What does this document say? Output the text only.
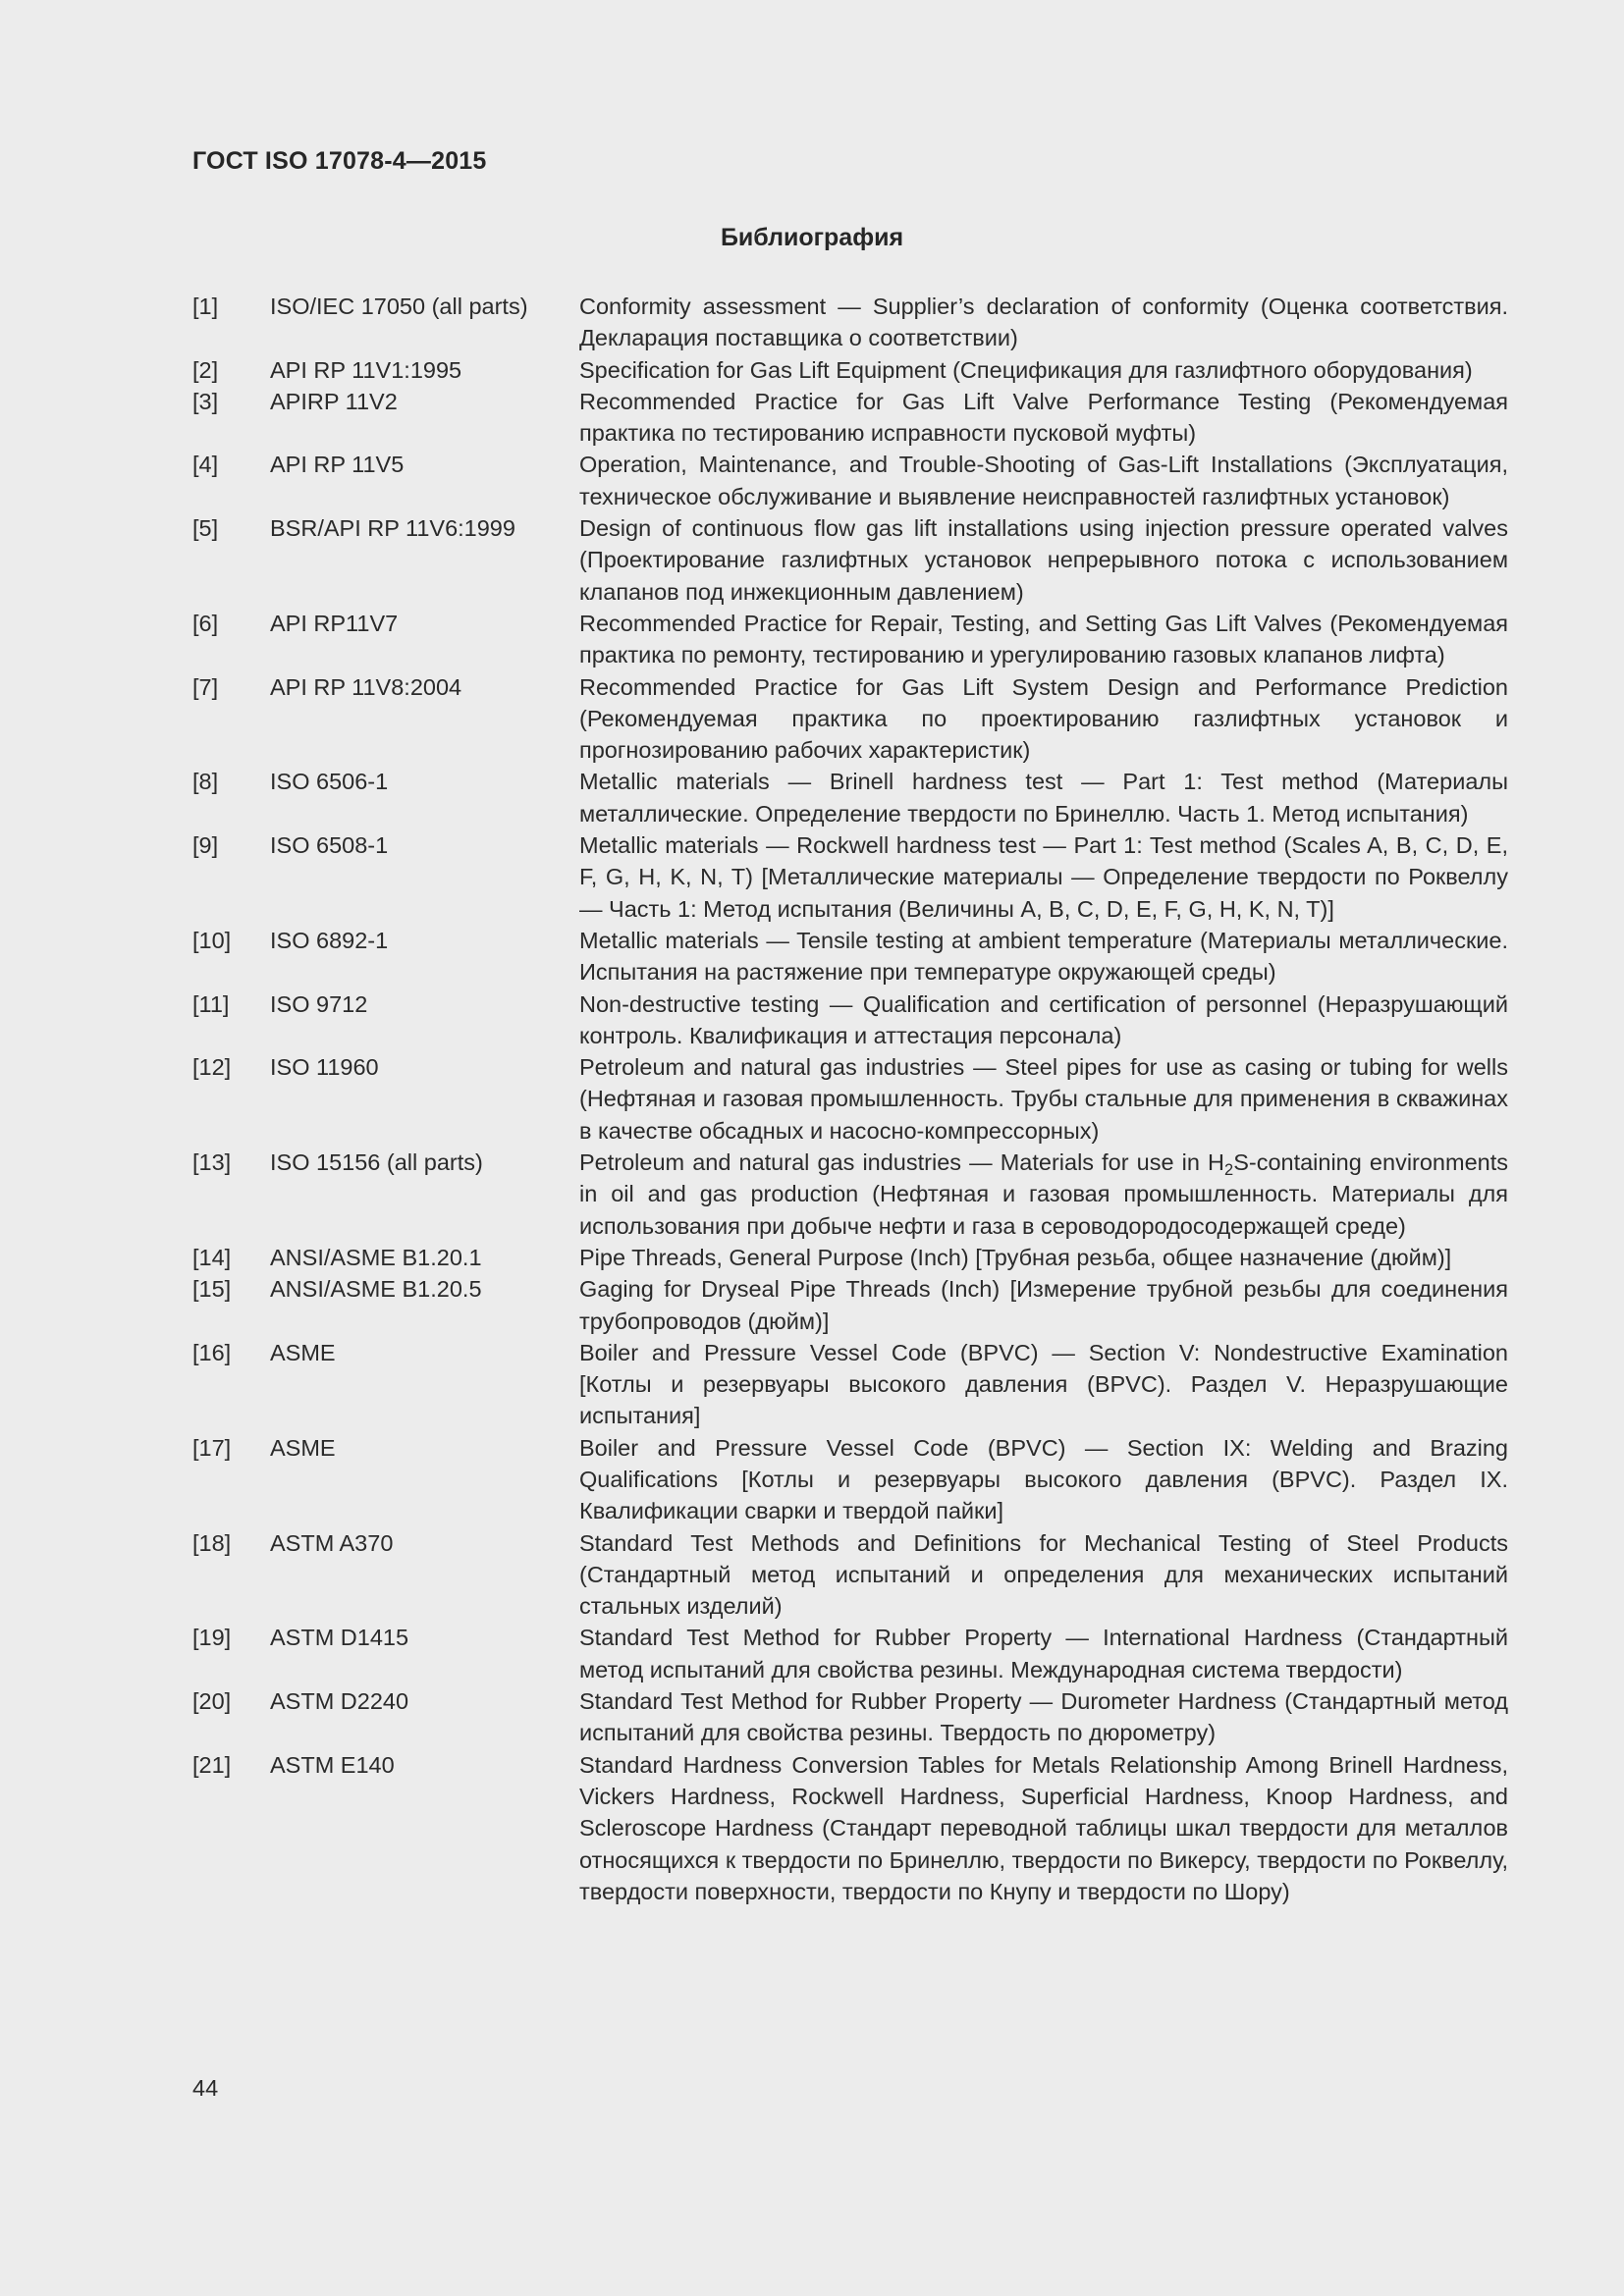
ГОСТ ISO 17078-4—2015
Библиография
[1]	ISO/IEC 17050 (all parts)	Conformity assessment — Supplier’s declaration of conformity (Оценка соответствия. Декларация поставщика о соответствии)
[2]	API RP 11V1:1995	Specification for Gas Lift Equipment (Спецификация для газлифтного оборудования)
[3]	APIRP 11V2	Recommended Practice for Gas Lift Valve Performance Testing (Рекомендуемая практика по тестированию исправности пусковой муфты)
[4]	API RP 11V5	Operation, Maintenance, and Trouble-Shooting of Gas-Lift Installations (Эксплуатация, техническое обслуживание и выявление неисправностей газлифтных установок)
[5]	BSR/API RP 11V6:1999	Design of continuous flow gas lift installations using injection pressure operated valves (Проектирование газлифтных установок непрерывного потока с использованием клапанов под инжекционным давлением)
[6]	API RP11V7	Recommended Practice for Repair, Testing, and Setting Gas Lift Valves (Рекомендуемая практика по ремонту, тестированию и урегулированию газовых клапанов лифта)
[7]	API RP 11V8:2004	Recommended Practice for Gas Lift System Design and Performance Prediction (Рекомендуемая практика по проектированию газлифтных установок и прогнозированию рабочих характеристик)
[8]	ISO 6506-1	Metallic materials — Brinell hardness test — Part 1: Test method (Материалы металлические. Определение твердости по Бринеллю. Часть 1. Метод испытания)
[9]	ISO 6508-1	Metallic materials — Rockwell hardness test — Part 1: Test method (Scales A, B, C, D, E, F, G, H, K, N, T) [Металлические материалы — Определение твердости по Роквеллу — Часть 1: Метод испытания (Величины А, В, C, D, E, F, G, H, K, N, T)]
[10]	ISO 6892-1	Metallic materials — Tensile testing at ambient temperature (Материалы металлические. Испытания на растяжение при температуре окружающей среды)
[11]	ISO 9712	Non-destructive testing — Qualification and certification of personnel (Неразрушающий контроль. Квалификация и аттестация персонала)
[12]	ISO 11960	Petroleum and natural gas industries — Steel pipes for use as casing or tubing for wells (Нефтяная и газовая промышленность. Трубы стальные для применения в скважинах в качестве обсадных и насосно-компрессорных)
[13]	ISO 15156 (all parts)	Petroleum and natural gas industries — Materials for use in $H_2S$-containing environments in oil and gas production (Нефтяная и газовая промышленность. Материалы для использования при добыче нефти и газа в сероводородосодержащей среде)
[14]	ANSI/ASME B1.20.1	Pipe Threads, General Purpose (Inch) [Трубная резьба, общее назначение (дюйм)]
[15]	ANSI/ASME B1.20.5	Gaging for Dryseal Pipe Threads (Inch) [Измерение трубной резьбы для соединения трубопроводов (дюйм)]
[16]	ASME	Boiler and Pressure Vessel Code (BPVC) — Section V: Nondestructive Examination [Котлы и резервуары высокого давления (BPVC). Раздел V. Неразрушающие испытания]
[17]	ASME	Boiler and Pressure Vessel Code (BPVC) — Section IX: Welding and Brazing Qualifications [Котлы и резервуары высокого давления (BPVC). Раздел IX. Квалификации сварки и твердой пайки]
[18]	ASTM A370	Standard Test Methods and Definitions for Mechanical Testing of Steel Products (Стандартный метод испытаний и определения для механических испытаний стальных изделий)
[19]	ASTM D1415	Standard Test Method for Rubber Property — International Hardness (Стандартный метод испытаний для свойства резины. Международная система твердости)
[20]	ASTM D2240	Standard Test Method for Rubber Property — Durometer Hardness (Стандартный метод испытаний для свойства резины. Твердость по дюрометру)
[21]	ASTM E140	Standard Hardness Conversion Tables for Metals Relationship Among Brinell Hardness, Vickers Hardness, Rockwell Hardness, Superficial Hardness, Knoop Hardness, and Scleroscope Hardness (Стандарт переводной таблицы шкал твердости для металлов относящихся к твердости по Бринеллю, твердости по Викерсу, твердости по Роквеллу, твердости поверхности, твердости по Кнупу и твердости по Шору)
44
